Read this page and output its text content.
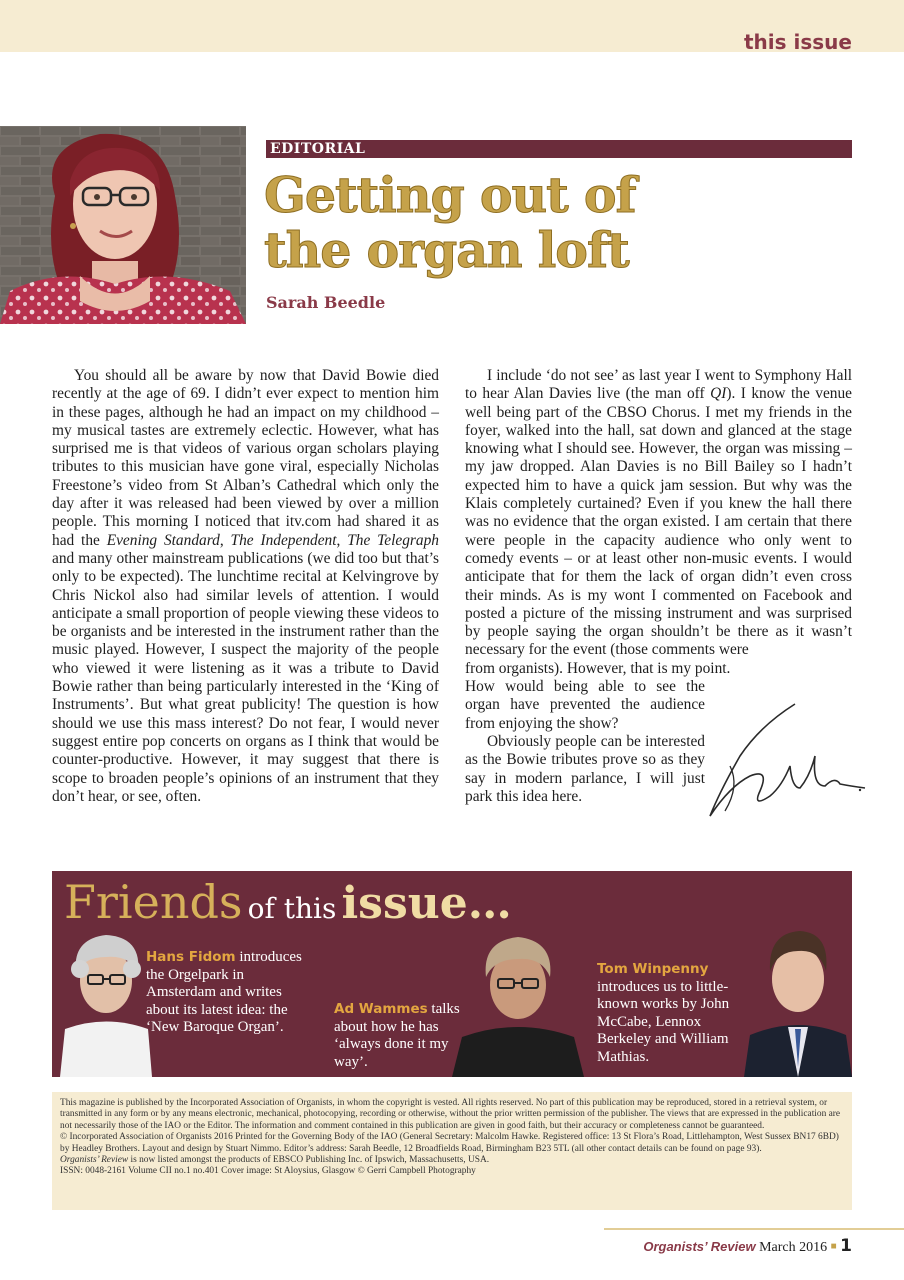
this issue
EDITORIAL
Getting out of
the organ loft
Sarah Beedle

You should all be aware by now that David Bowie died recently at the age of 69. I didn’t ever expect to mention him in these pages, although he had an impact on my childhood – my musical tastes are extremely eclectic. However, what has surprised me is that videos of various organ scholars playing tributes to this musician have gone viral, especially Nicholas Freestone’s video from St Alban’s Cathedral which only the day after it was released had been viewed by over a million people. This morning I noticed that itv.com had shared it as had the Evening Standard, The Independent, The Telegraph and many other mainstream publications (we did too but that’s only to be expected). The lunchtime recital at Kelvingrove by Chris Nickol also had similar levels of attention. I would anticipate a small proportion of people viewing these videos to be organists and be interested in the instrument rather than the music played. However, I suspect the majority of the people who viewed it were listening as it was a tribute to David Bowie rather than being particularly interested in the ‘King of Instruments’. But what great publicity! The question is how should we use this mass interest? Do not fear, I would never suggest entire pop concerts on organs as I think that would be counter-productive. However, it may suggest that there is scope to broaden people’s opinions of an instrument that they don’t hear, or see, often.

I include ‘do not see’ as last year I went to Symphony Hall to hear Alan Davies live (the man off QI). I know the venue well being part of the CBSO Chorus. I met my friends in the foyer, walked into the hall, sat down and glanced at the stage knowing what I should see. However, the organ was missing – my jaw dropped. Alan Davies is no Bill Bailey so I hadn’t expected him to have a quick jam session. But why was the Klais completely curtained? Even if you knew the hall there was no evidence that the organ existed. I am certain that there were people in the capacity audience who only went to comedy events – or at least other non-music events. I would anticipate that for them the lack of organ didn’t even cross their minds. As is my wont I commented on Facebook and posted a picture of the missing instrument and was surprised by people saying the organ shouldn’t be there as it wasn’t necessary for the event (those comments were

from organists). However, that is my point.
How would being able to see the organ have prevented the audience from enjoying the show?

Obviously people can be interested as the Bowie tributes prove so as they say in modern parlance, I will just park this idea here.

Friends of this issue…
Hans Fidom introduces the Orgelpark in Amsterdam and writes about its latest idea: the ‘New Baroque Organ’.
Ad Wammes talks about how he has ‘always done it my way’.
Tom Winpenny
introduces us to little-known works by John McCabe, Lennox Berkeley and William Mathias.
This magazine is published by the Incorporated Association of Organists, in whom the copyright is vested. All rights reserved. No part of this publication may be reproduced, stored in a retrieval system, or transmitted in any form or by any means electronic, mechanical, photocopying, recording or otherwise, without the prior written permission of the publisher. The views that are expressed in the publication are not necessarily those of the IAO or the Editor. The information and comment contained in this publication are given in good faith, but their accuracy or completeness cannot be guaranteed.
© Incorporated Association of Organists 2016 Printed for the Governing Body of the IAO (General Secretary: Malcolm Hawke. Registered office: 13 St Flora’s Road, Littlehampton, West Sussex BN17 6BD) by Headley Brothers. Layout and design by Stuart Nimmo. Editor’s address: Sarah Beedle, 12 Broadfields Road, Birmingham B23 5TL (all other contact details can be found on page 93).
Organists’ Review is now listed amongst the products of EBSCO Publishing Inc. of Ipswich, Massachusetts, USA.
ISSN: 0048-2161 Volume CII no.1 no.401 Cover image: St Aloysius, Glasgow © Gerri Campbell Photography
Organists’ Review March 2016 ■ 1
